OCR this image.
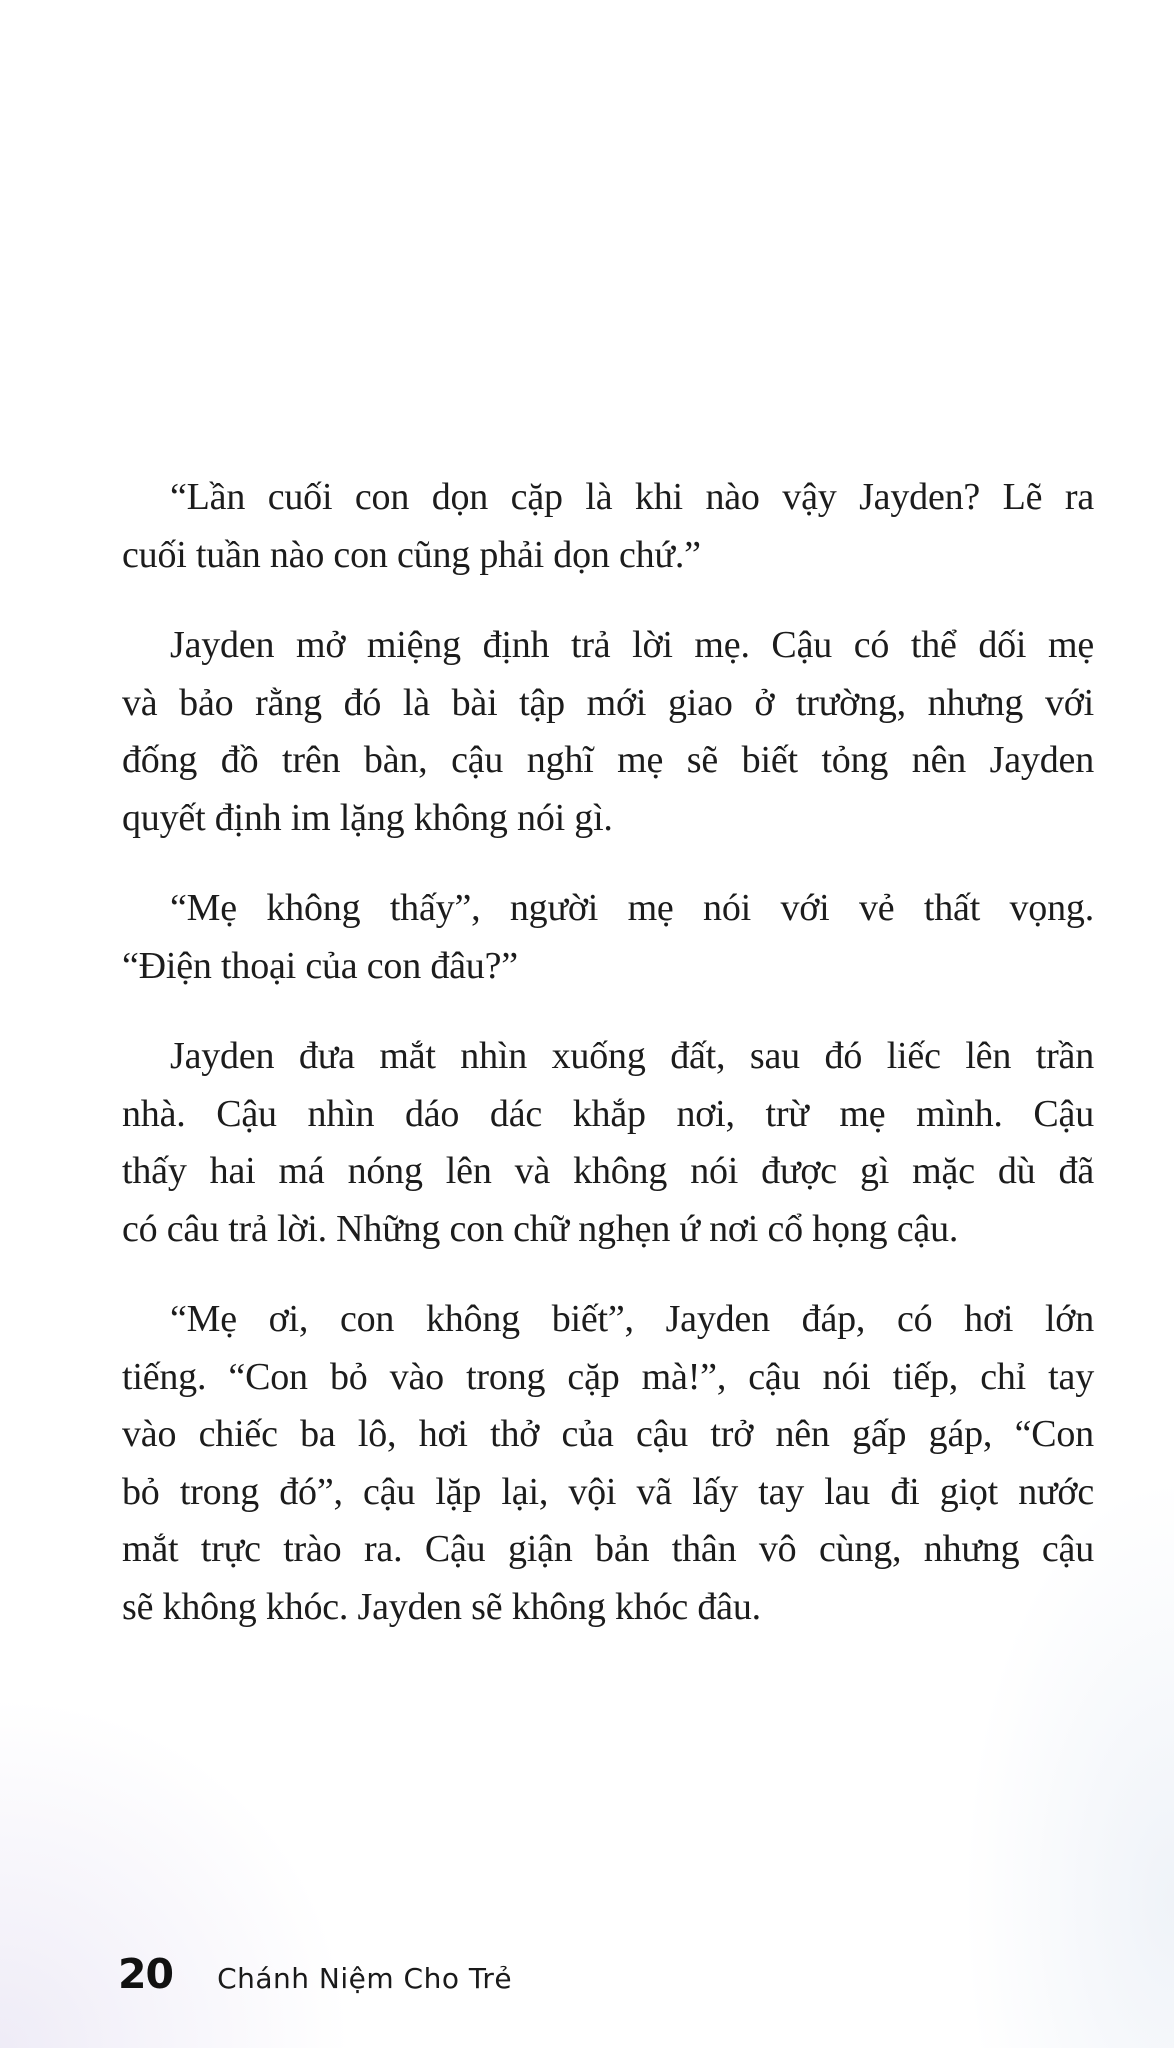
“Lần cuối con dọn cặp là khi nào vậy Jayden? Lẽ ra
cuối tuần nào con cũng phải dọn chứ.”

Jayden mở miệng định trả lời mẹ. Cậu có thể dối mẹ
và bảo rằng đó là bài tập mới giao ở trường, nhưng với
đống đồ trên bàn, cậu nghĩ mẹ sẽ biết tỏng nên Jayden
quyết định im lặng không nói gì.

“Mẹ không thấy”, người mẹ nói với vẻ thất vọng.
“Điện thoại của con đâu?”

Jayden đưa mắt nhìn xuống đất, sau đó liếc lên trần
nhà. Cậu nhìn dáo dác khắp nơi, trừ mẹ mình. Cậu
thấy hai má nóng lên và không nói được gì mặc dù đã
có câu trả lời. Những con chữ nghẹn ứ nơi cổ họng cậu.

“Mẹ ơi, con không biết”, Jayden đáp, có hơi lớn
tiếng. “Con bỏ vào trong cặp mà!”, cậu nói tiếp, chỉ tay
vào chiếc ba lô, hơi thở của cậu trở nên gấp gáp, “Con
bỏ trong đó”, cậu lặp lại, vội vã lấy tay lau đi giọt nước
mắt trực trào ra. Cậu giận bản thân vô cùng, nhưng cậu
sẽ không khóc. Jayden sẽ không khóc đâu.

20 Chánh Niệm Cho Trẻ
